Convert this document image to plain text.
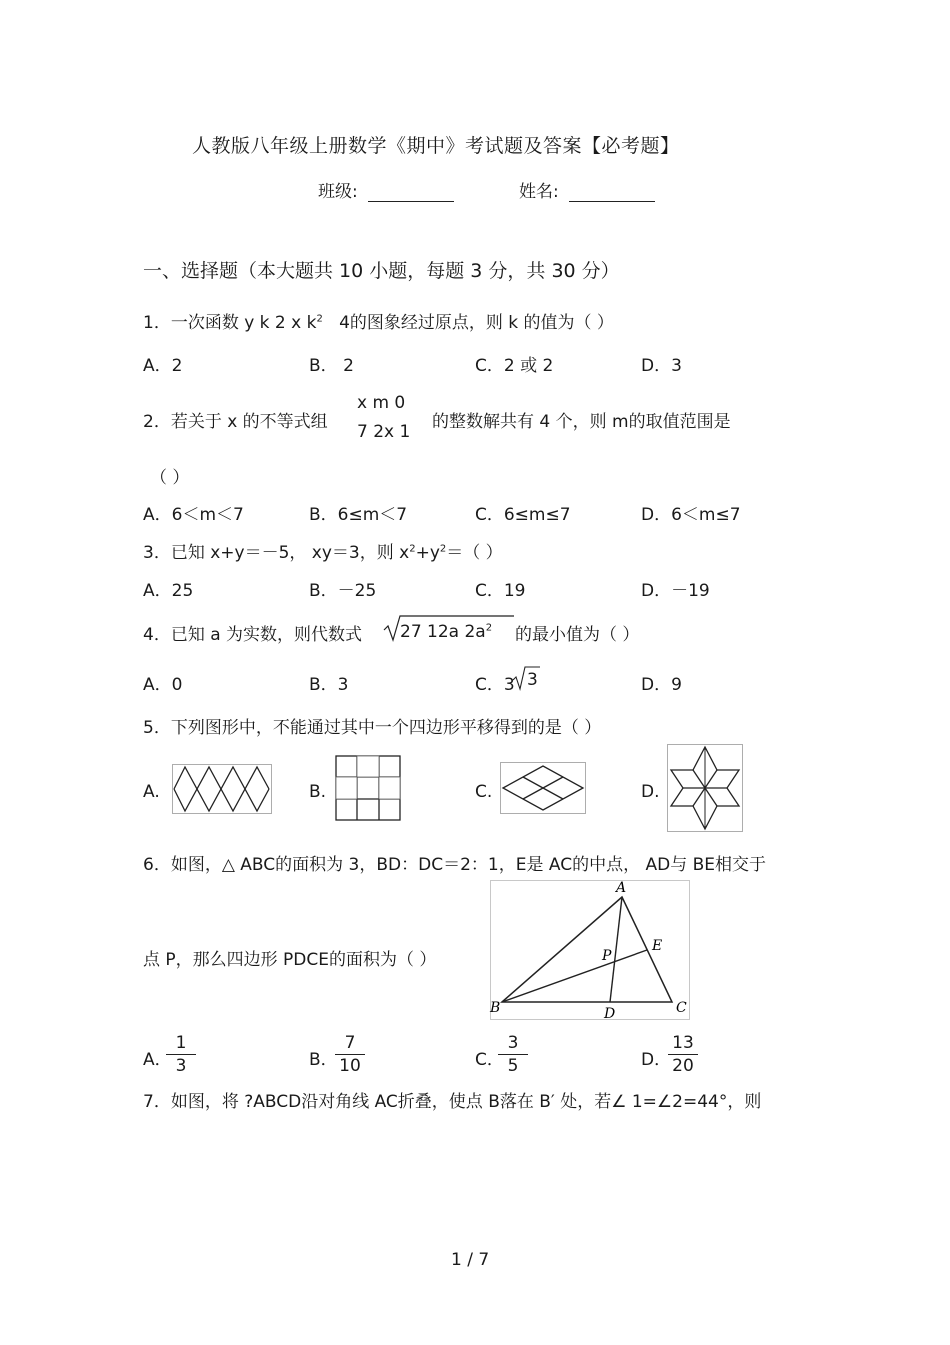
人教版八年级上册数学《期中》考试题及答案【必考题】
班级:	姓名:
一、选择题（本大题共 10 小题，每题 3 分，共 30 分）
1．一次函数 y k 2 x $k^2$ 4的图象经过原点，则 k 的值为（ ）
A．2	B． 2	C．2 或 2	D．3
2．若关于 x 的不等式组
x m 0
7 2x 1 的整数解共有 4 个，则 m的取值范围是
（ ）
A．6＜m＜7	B．6≤m＜7	C．6≤m≤7	D．6＜m≤7
3．已知 x+y＝－5， xy＝3，则 $x^2+y^2=$（ ）
A．25	B．－25	C．19	D．－19
4．已知 a 为实数，则代数式 27 12a $2a^2$ 的最小值为（ ）
A．0	B．3	C．3 3	D．9
5．下列图形中，不能通过其中一个四边形平移得到的是（ ）
A.	B.	C.	D.
6．如图，△ ABC的面积为 3，BD：DC＝2：1，E是 AC的中点， AD与 BE相交于
点 P，那么四边形 PDCE的面积为（ ）
A
B	C
D
E
P
A．
$\frac{1}{3}$	B．
$\frac{7}{10}$	C．
$\frac{3}{5}$	D．
$\frac{13}{20}$
7．如图，将 ?ABCD沿对角线 AC折叠，使点 B落在 B′ 处，若∠ 1=∠2=44°，则
1 / 7
